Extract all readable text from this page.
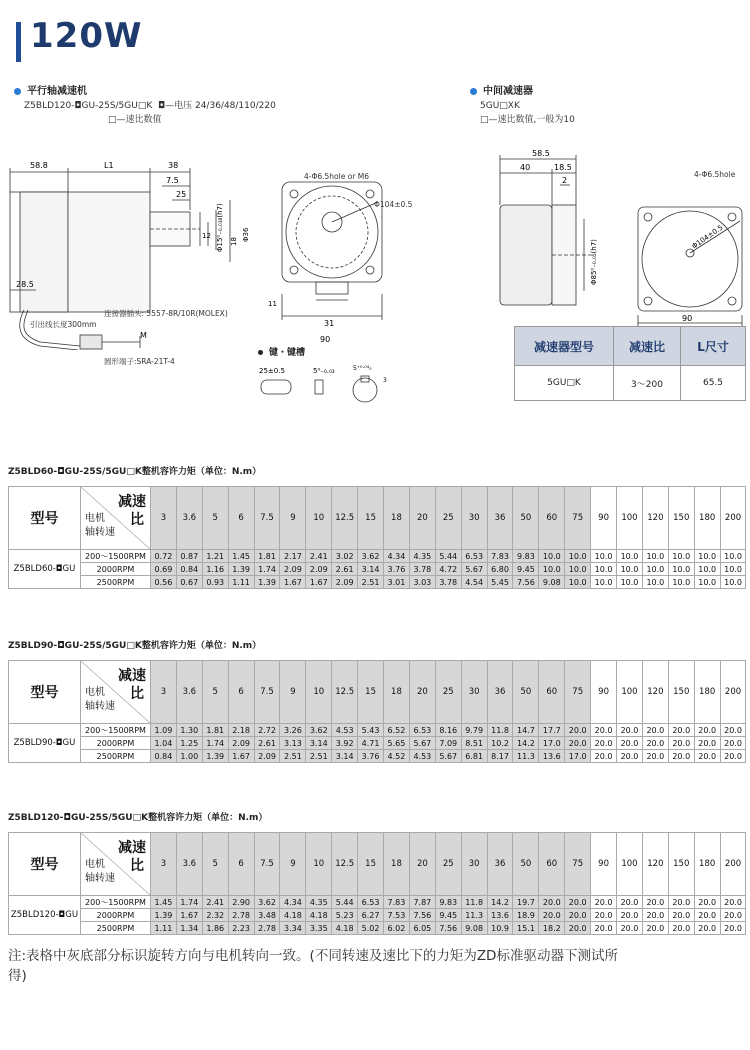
120W
平行轴减速机
Z5BLD120-◘GU-25S/5GU□K ◘—电压 24/36/48/110/220
□—速比数值
中间减速器
5GU□XK
□—速比数值,一般为10
58.8	L1	38
7.5
25
Φ15⁰₋₀.₀₁₈(h7)
12
18 Φ36
28.5
M
连接器插头: 5557-8R/10R(MOLEX)
引出线长度300mm
圆形端子:SRA-21T-4
90
31
11
4-Φ6.5hole or M6
Φ104±0.5
键・键槽
25±0.5	5⁰₋₀.₀₃	5⁺⁰·⁰⁴₀
3
58.5
40	18.5
2
Φ85⁰₋₀.₀₅(h7)
Φ104±0.5
90
4-Φ6.5hole
减速器型号	减速比	L尺寸
5GU□K	3～200	65.5
Z5BLD60-◘GU-25S/5GU□K整机容许力矩（单位：N.m）
型号	减速
比
电机
轴转速	3	3.6	5	6	7.5	9	10	12.5	15	18	20	25	30	36	50	60	75	90	100	120	150	180	200
Z5BLD60-◘GU	200～1500RPM	0.72	0.87	1.21	1.45	1.81	2.17	2.41	3.02	3.62	4.34	4.35	5.44	6.53	7.83	9.83	10.0	10.0	10.0	10.0	10.0	10.0	10.0	10.0
	2000RPM	0.69	0.84	1.16	1.39	1.74	2.09	2.09	2.61	3.14	3.76	3.78	4.72	5.67	6.80	9.45	10.0	10.0	10.0	10.0	10.0	10.0	10.0	10.0
	2500RPM	0.56	0.67	0.93	1.11	1.39	1.67	1.67	2.09	2.51	3.01	3.03	3.78	4.54	5.45	7.56	9.08	10.0	10.0	10.0	10.0	10.0	10.0	10.0
Z5BLD90-◘GU-25S/5GU□K整机容许力矩（单位：N.m）
型号	减速
比
电机
轴转速	3	3.6	5	6	7.5	9	10	12.5	15	18	20	25	30	36	50	60	75	90	100	120	150	180	200
Z5BLD90-◘GU	200～1500RPM	1.09	1.30	1.81	2.18	2.72	3.26	3.62	4.53	5.43	6.52	6.53	8.16	9.79	11.8	14.7	17.7	20.0	20.0	20.0	20.0	20.0	20.0	20.0
	2000RPM	1.04	1.25	1.74	2.09	2.61	3.13	3.14	3.92	4.71	5.65	5.67	7.09	8.51	10.2	14.2	17.0	20.0	20.0	20.0	20.0	20.0	20.0	20.0
	2500RPM	0.84	1.00	1.39	1.67	2.09	2.51	2.51	3.14	3.76	4.52	4.53	5.67	6.81	8.17	11.3	13.6	17.0	20.0	20.0	20.0	20.0	20.0	20.0
Z5BLD120-◘GU-25S/5GU□K整机容许力矩（单位：N.m）
型号	减速
比
电机
轴转速	3	3.6	5	6	7.5	9	10	12.5	15	18	20	25	30	36	50	60	75	90	100	120	150	180	200
Z5BLD120-◘GU	200～1500RPM	1.45	1.74	2.41	2.90	3.62	4.34	4.35	5.44	6.53	7.83	7.87	9.83	11.8	14.2	19.7	20.0	20.0	20.0	20.0	20.0	20.0	20.0	20.0
	2000RPM	1.39	1.67	2.32	2.78	3.48	4.18	4.18	5.23	6.27	7.53	7.56	9.45	11.3	13.6	18.9	20.0	20.0	20.0	20.0	20.0	20.0	20.0	20.0
	2500RPM	1.11	1.34	1.86	2.23	2.78	3.34	3.35	4.18	5.02	6.02	6.05	7.56	9.08	10.9	15.1	18.2	20.0	20.0	20.0	20.0	20.0	20.0	20.0
注:表格中灰底部分标识旋转方向与电机转向一致。(不同转速及速比下的力矩为ZD标准驱动器下测试所得)
